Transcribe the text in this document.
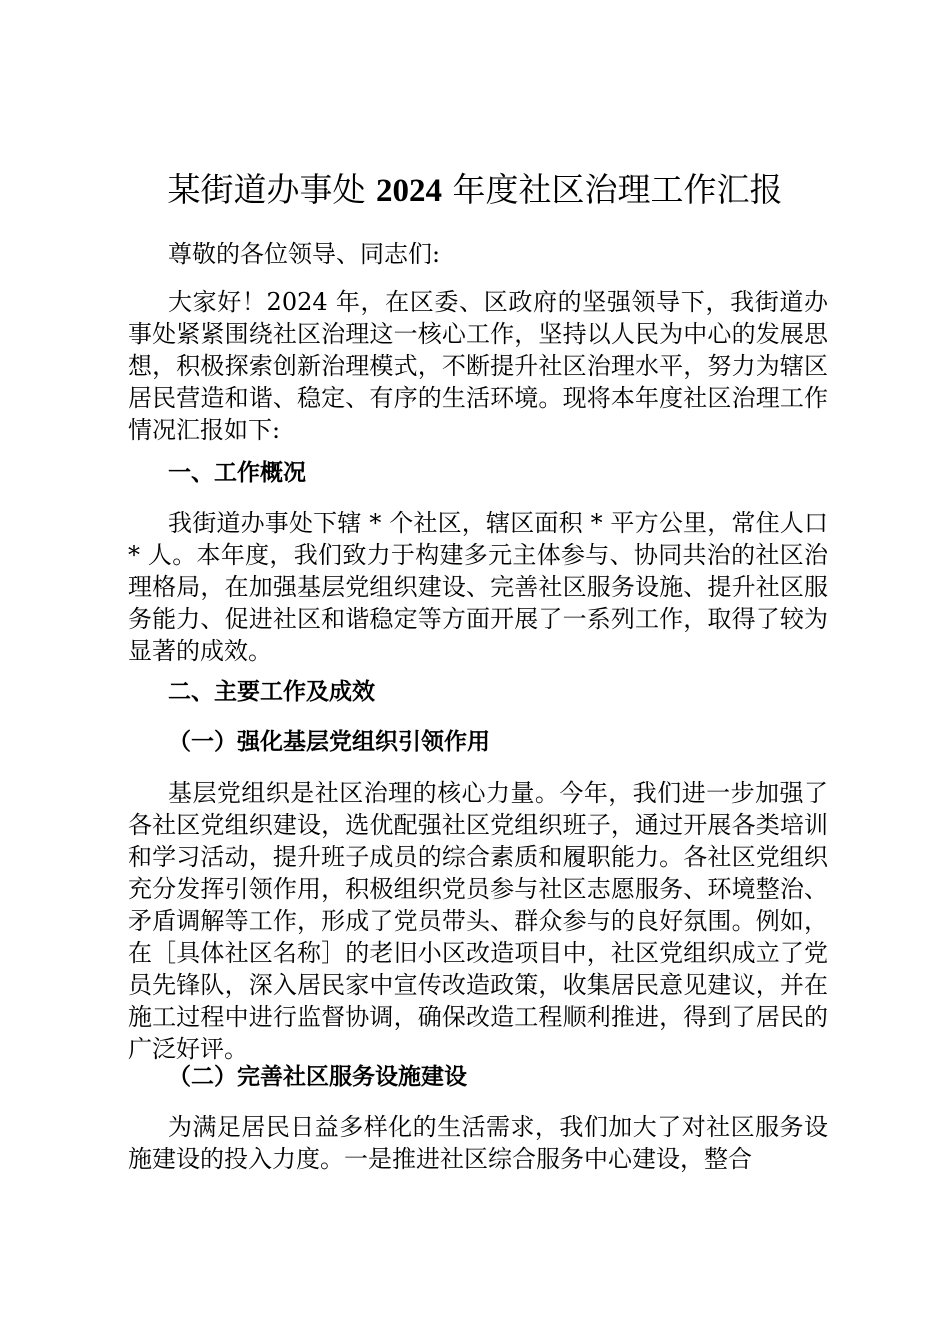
某街道办事处 2024 年度社区治理工作汇报

尊敬的各位领导、同志们:

大家好！2024 年，在区委、区政府的坚强领导下，我街道办事处紧紧围绕社区治理这一核心工作，坚持以人民为中心的发展思想，积极探索创新治理模式，不断提升社区治理水平，努力为辖区居民营造和谐、稳定、有序的生活环境。现将本年度社区治理工作情况汇报如下:

一、工作概况

我街道办事处下辖 * 个社区，辖区面积 * 平方公里，常住人口 * 人。本年度，我们致力于构建多元主体参与、协同共治的社区治理格局，在加强基层党组织建设、完善社区服务设施、提升社区服务能力、促进社区和谐稳定等方面开展了一系列工作，取得了较为显著的成效。

二、主要工作及成效

（一）强化基层党组织引领作用

基层党组织是社区治理的核心力量。今年，我们进一步加强了各社区党组织建设，选优配强社区党组织班子，通过开展各类培训和学习活动，提升班子成员的综合素质和履职能力。各社区党组织充分发挥引领作用，积极组织党员参与社区志愿服务、环境整治、矛盾调解等工作，形成了党员带头、群众参与的良好氛围。例如，在［具体社区名称］的老旧小区改造项目中，社区党组织成立了党员先锋队，深入居民家中宣传改造政策，收集居民意见建议，并在施工过程中进行监督协调，确保改造工程顺利推进，得到了居民的广泛好评。

（二）完善社区服务设施建设

为满足居民日益多样化的生活需求，我们加大了对社区服务设施建设的投入力度。一是推进社区综合服务中心建设，整合
